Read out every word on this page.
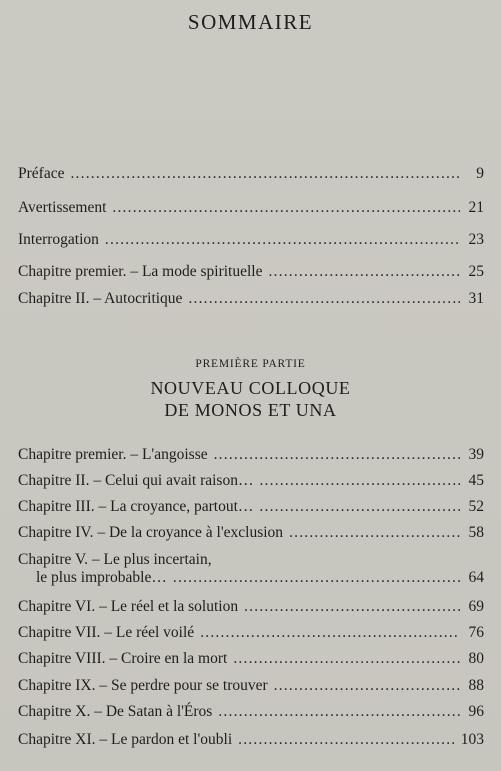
SOMMAIRE
Préface .....	9
Avertissement .....	21
Interrogation .....	23
Chapitre premier. – La mode spirituelle .....	25
Chapitre II. – Autocritique .....	31
PREMIÈRE PARTIE
NOUVEAU COLLOQUE
DE MONOS ET UNA
Chapitre premier. – L'angoisse .....	39
Chapitre II. – Celui qui avait raison… .....	45
Chapitre III. – La croyance, partout… .....	52
Chapitre IV. – De la croyance à l'exclusion .....	58
Chapitre V. – Le plus incertain,
le plus improbable… .....	64
Chapitre VI. – Le réel et la solution .....	69
Chapitre VII. – Le réel voilé .....	76
Chapitre VIII. – Croire en la mort .....	80
Chapitre IX. – Se perdre pour se trouver .....	88
Chapitre X. – De Satan à l'Éros .....	96
Chapitre XI. – Le pardon et l'oubli .....	103
